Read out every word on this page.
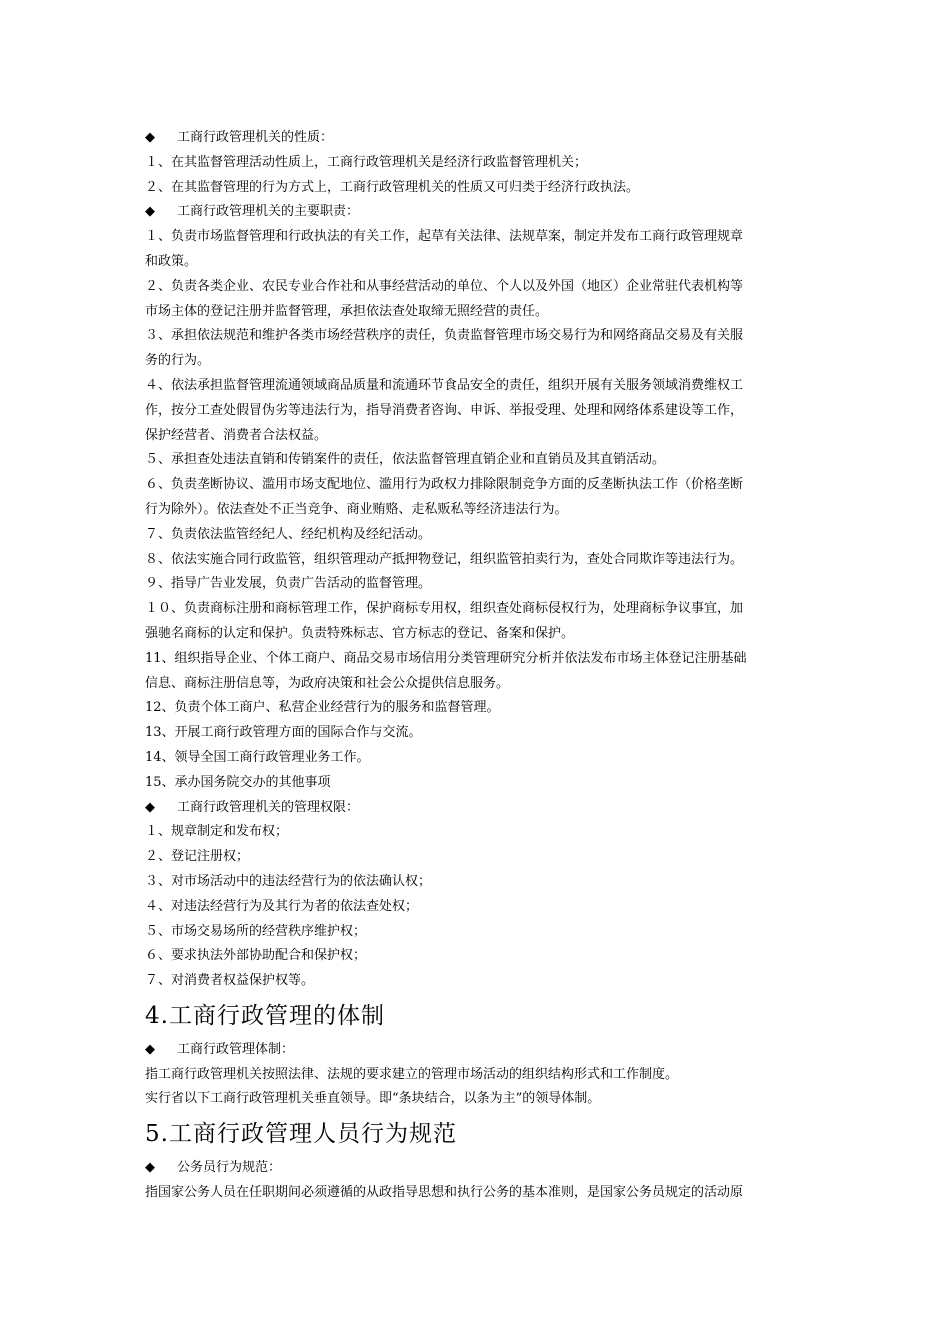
◆ 工商行政管理机关的性质：
１、在其监督管理活动性质上，工商行政管理机关是经济行政监督管理机关；
２、在其监督管理的行为方式上，工商行政管理机关的性质又可归类于经济行政执法。
◆ 工商行政管理机关的主要职责：
１、负责市场监督管理和行政执法的有关工作，起草有关法律、法规草案，制定并发布工商行政管理规章
和政策。
２、负责各类企业、农民专业合作社和从事经营活动的单位、个人以及外国（地区）企业常驻代表机构等
市场主体的登记注册并监督管理，承担依法查处取缔无照经营的责任。
３、承担依法规范和维护各类市场经营秩序的责任，负责监督管理市场交易行为和网络商品交易及有关服
务的行为。
４、依法承担监督管理流通领域商品质量和流通环节食品安全的责任，组织开展有关服务领域消费维权工
作，按分工查处假冒伪劣等违法行为，指导消费者咨询、申诉、举报受理、处理和网络体系建设等工作，
保护经营者、消费者合法权益。
５、承担查处违法直销和传销案件的责任，依法监督管理直销企业和直销员及其直销活动。
６、负责垄断协议、滥用市场支配地位、滥用行为政权力排除限制竞争方面的反垄断执法工作（价格垄断
行为除外）。依法查处不正当竞争、商业贿赂、走私贩私等经济违法行为。
７、负责依法监管经纪人、经纪机构及经纪活动。
８、依法实施合同行政监管，组织管理动产抵押物登记，组织监管拍卖行为，查处合同欺诈等违法行为。
９、指导广告业发展，负责广告活动的监督管理。
１０、负责商标注册和商标管理工作，保护商标专用权，组织查处商标侵权行为，处理商标争议事宜，加
强驰名商标的认定和保护。负责特殊标志、官方标志的登记、备案和保护。
11、组织指导企业、个体工商户、商品交易市场信用分类管理研究分析并依法发布市场主体登记注册基础
信息、商标注册信息等，为政府决策和社会公众提供信息服务。
12、负责个体工商户、私营企业经营行为的服务和监督管理。
13、开展工商行政管理方面的国际合作与交流。
14、领导全国工商行政管理业务工作。
15、承办国务院交办的其他事项
◆ 工商行政管理机关的管理权限：
１、规章制定和发布权；
２、登记注册权；
３、对市场活动中的违法经营行为的依法确认权；
４、对违法经营行为及其行为者的依法查处权；
５、市场交易场所的经营秩序维护权；
６、要求执法外部协助配合和保护权；
７、对消费者权益保护权等。
4.工商行政管理的体制
◆ 工商行政管理体制：
指工商行政管理机关按照法律、法规的要求建立的管理市场活动的组织结构形式和工作制度。
实行省以下工商行政管理机关垂直领导。即“条块结合，以条为主”的领导体制。
5.工商行政管理人员行为规范
◆ 公务员行为规范：
指国家公务人员在任职期间必须遵循的从政指导思想和执行公务的基本准则，是国家公务员规定的活动原
